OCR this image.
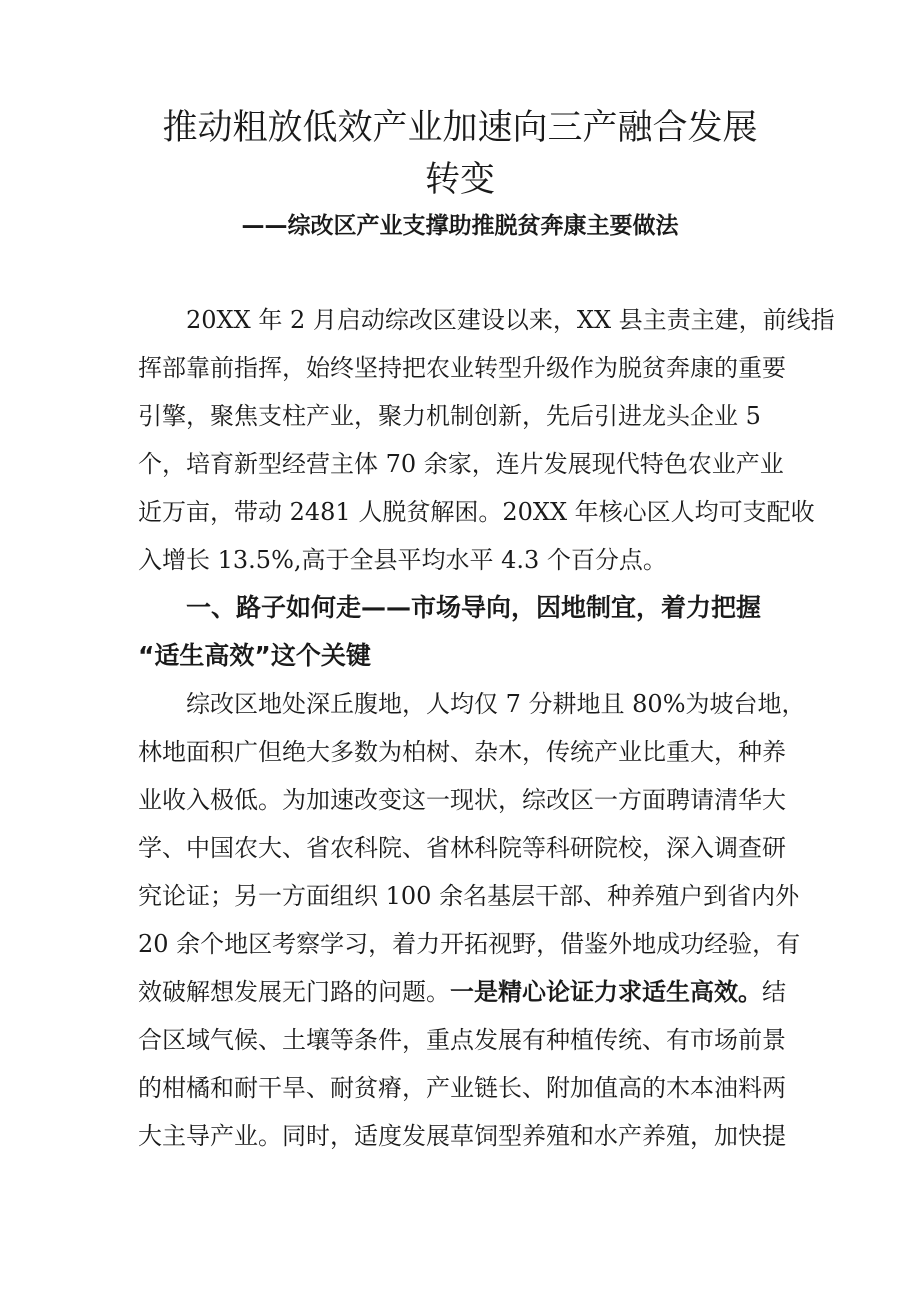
推动粗放低效产业加速向三产融合发展
转变
——综改区产业支撑助推脱贫奔康主要做法
20XX 年 2 月启动综改区建设以来，XX 县主责主建，前线指
挥部靠前指挥，始终坚持把农业转型升级作为脱贫奔康的重要
引擎，聚焦支柱产业，聚力机制创新，先后引进龙头企业 5
个，培育新型经营主体 70 余家，连片发展现代特色农业产业
近万亩，带动 2481 人脱贫解困。20XX 年核心区人均可支配收
入增长 13.5%,高于全县平均水平 4.3 个百分点。
一、路子如何走——市场导向，因地制宜，着力把握
“适生高效”这个关键
综改区地处深丘腹地，人均仅 7 分耕地且 80%为坡台地，
林地面积广但绝大多数为柏树、杂木，传统产业比重大，种养
业收入极低。为加速改变这一现状，综改区一方面聘请清华大
学、中国农大、省农科院、省林科院等科研院校，深入调查研
究论证；另一方面组织 100 余名基层干部、种养殖户到省内外
20 余个地区考察学习，着力开拓视野，借鉴外地成功经验，有
效破解想发展无门路的问题。一是精心论证力求适生高效。结
合区域气候、土壤等条件，重点发展有种植传统、有市场前景
的柑橘和耐干旱、耐贫瘠，产业链长、附加值高的木本油料两
大主导产业。同时，适度发展草饲型养殖和水产养殖，加快提
